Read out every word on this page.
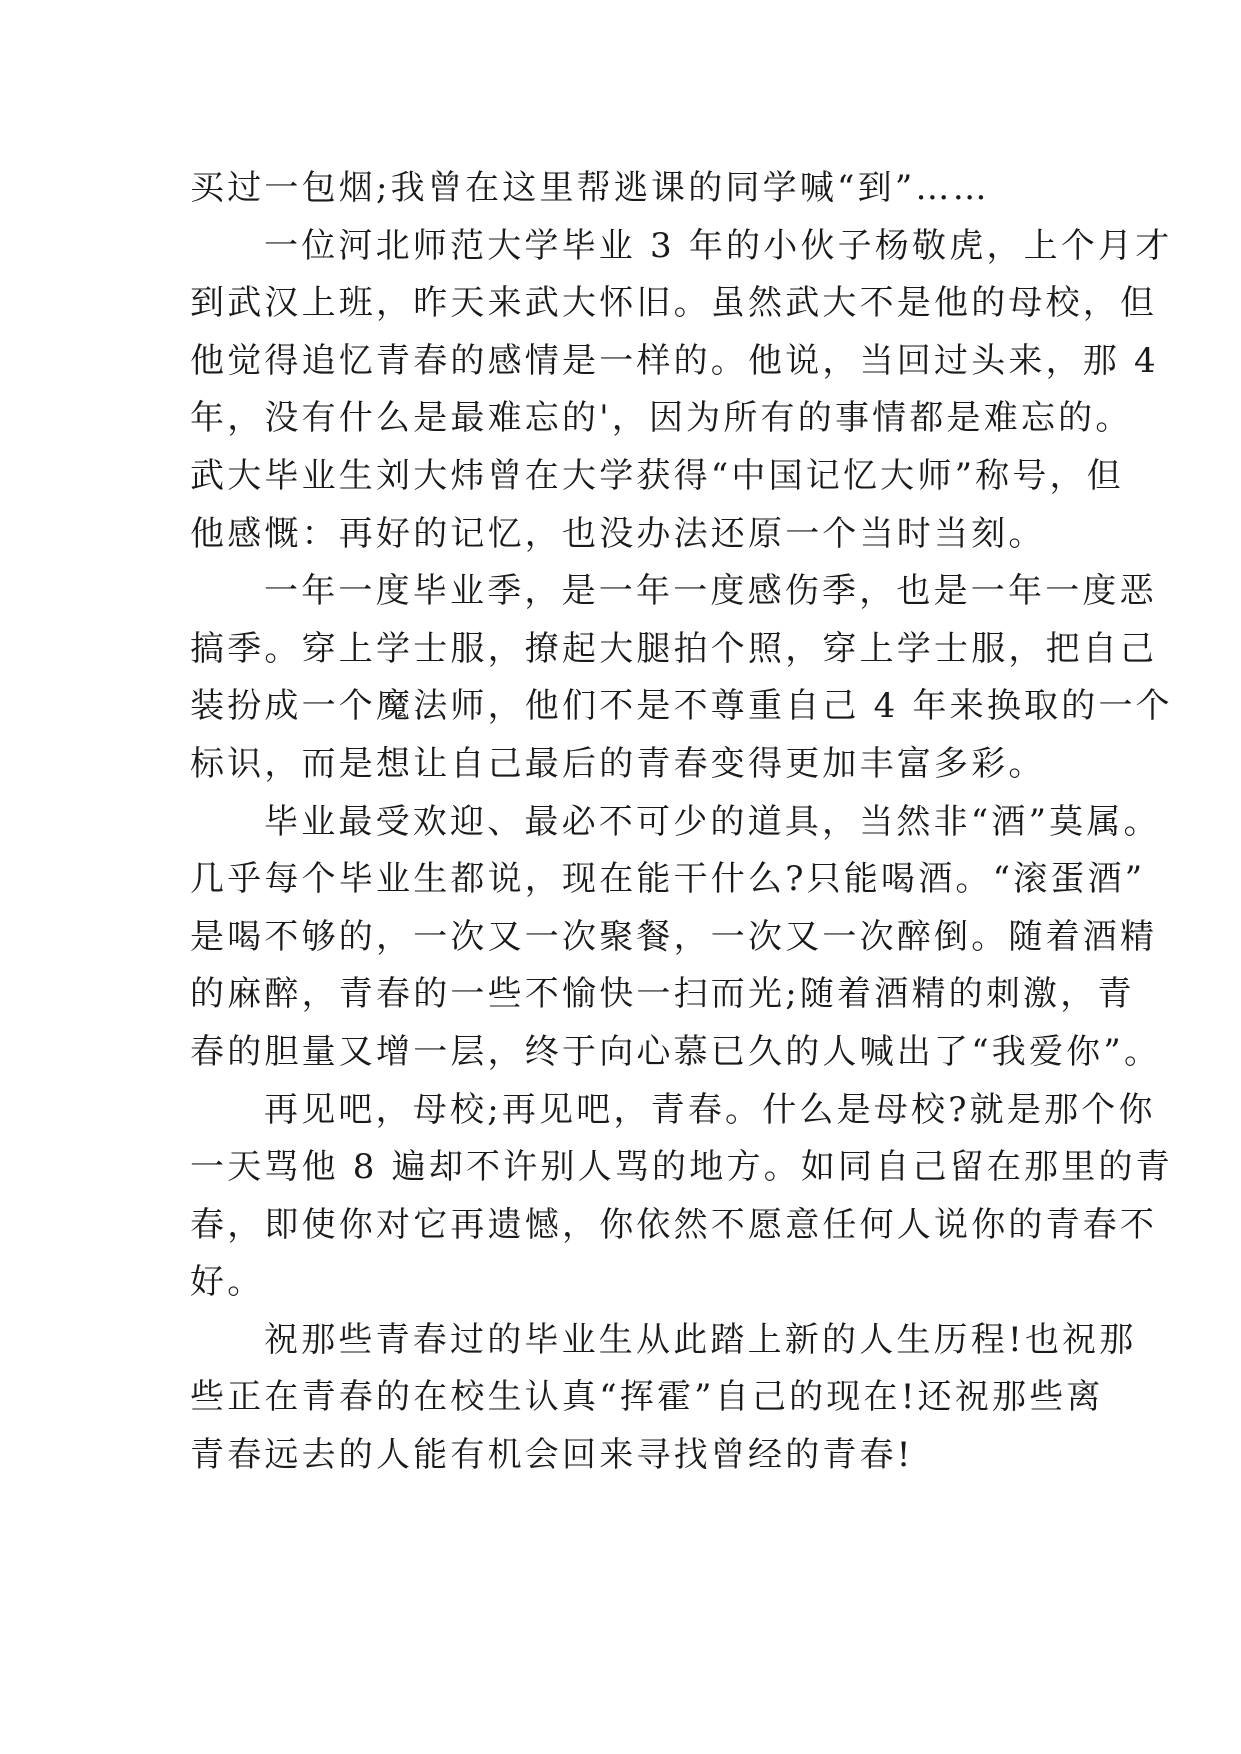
买过一包烟;我曾在这里帮逃课的同学喊“到”……
一位河北师范大学毕业 3 年的小伙子杨敬虎，上个月才
到武汉上班，昨天来武大怀旧。虽然武大不是他的母校，但
他觉得追忆青春的感情是一样的。他说，当回过头来，那 4
年，没有什么是最难忘的'，因为所有的事情都是难忘的。
武大毕业生刘大炜曾在大学获得“中国记忆大师”称号，但
他感慨：再好的记忆，也没办法还原一个当时当刻。
一年一度毕业季，是一年一度感伤季，也是一年一度恶
搞季。穿上学士服，撩起大腿拍个照，穿上学士服，把自己
装扮成一个魔法师，他们不是不尊重自己 4 年来换取的一个
标识，而是想让自己最后的青春变得更加丰富多彩。
毕业最受欢迎、最必不可少的道具，当然非“酒”莫属。
几乎每个毕业生都说，现在能干什么?只能喝酒。“滚蛋酒”
是喝不够的，一次又一次聚餐，一次又一次醉倒。随着酒精
的麻醉，青春的一些不愉快一扫而光;随着酒精的刺激，青
春的胆量又增一层，终于向心慕已久的人喊出了“我爱你”。
再见吧，母校;再见吧，青春。什么是母校?就是那个你
一天骂他 8 遍却不许别人骂的地方。如同自己留在那里的青
春，即使你对它再遗憾，你依然不愿意任何人说你的青春不
好。
祝那些青春过的毕业生从此踏上新的人生历程!也祝那
些正在青春的在校生认真“挥霍”自己的现在!还祝那些离
青春远去的人能有机会回来寻找曾经的青春!
